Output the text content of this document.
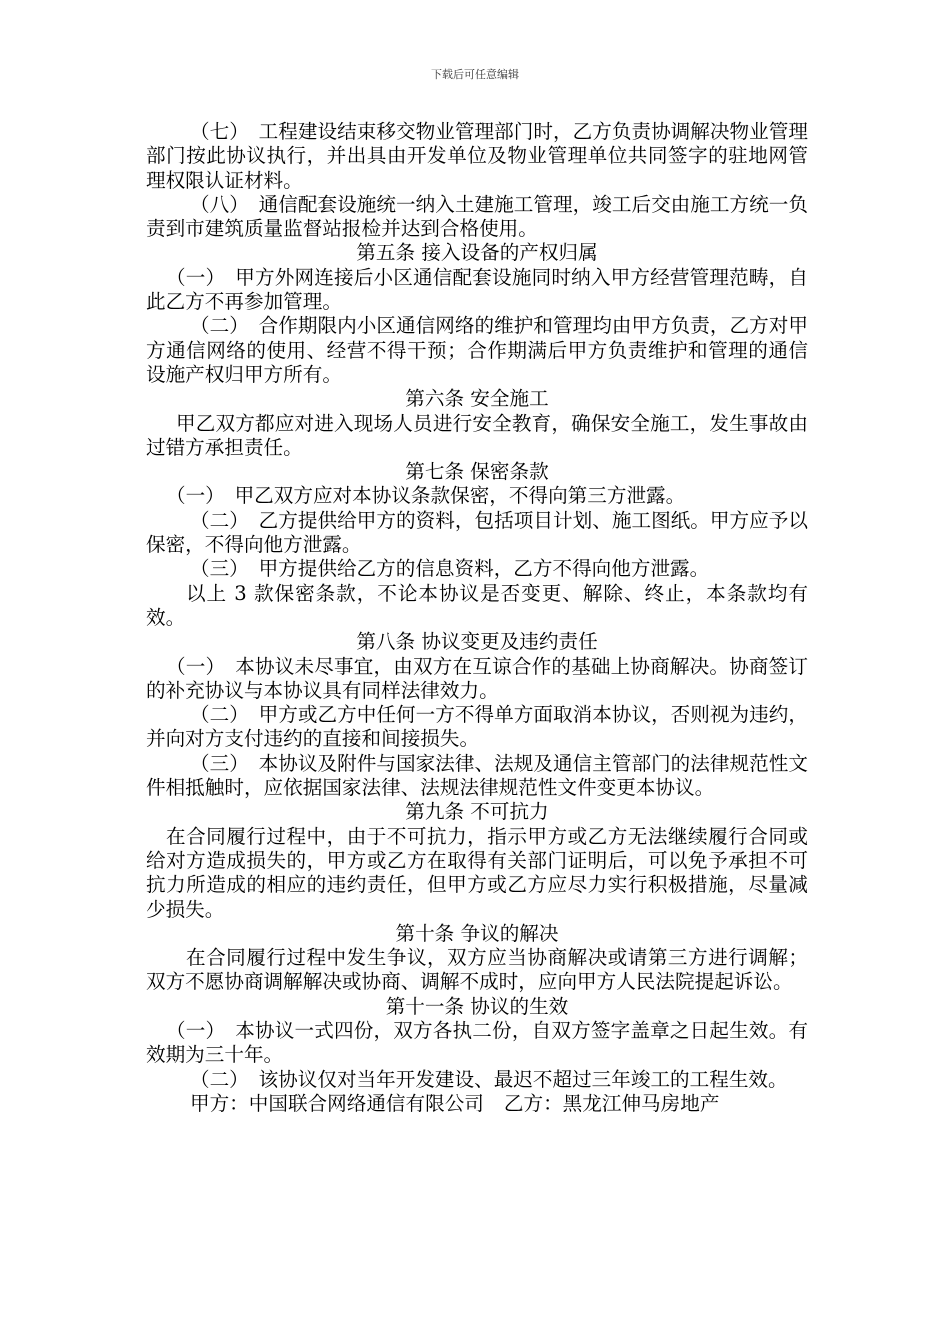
下载后可任意编辑

（七）　工程建设结束移交物业管理部门时，乙方负责协调解决物业管理部门按此协议执行，并出具由开发单位及物业管理单位共同签字的驻地网管理权限认证材料。

（八）　通信配套设施统一纳入土建施工管理，竣工后交由施工方统一负责到市建筑质量监督站报检并达到合格使用。

第五条 接入设备的产权归属

（一）　甲方外网连接后小区通信配套设施同时纳入甲方经营管理范畴，自此乙方不再参加管理。

（二）　合作期限内小区通信网络的维护和管理均由甲方负责，乙方对甲方通信网络的使用、经营不得干预；合作期满后甲方负责维护和管理的通信设施产权归甲方所有。

第六条 安全施工

甲乙双方都应对进入现场人员进行安全教育，确保安全施工，发生事故由过错方承担责任。

第七条 保密条款

（一）　甲乙双方应对本协议条款保密，不得向第三方泄露。

（二）　乙方提供给甲方的资料，包括项目计划、施工图纸。甲方应予以保密，不得向他方泄露。

（三）　甲方提供给乙方的信息资料，乙方不得向他方泄露。

以上 3 款保密条款，不论本协议是否变更、解除、终止，本条款均有效。

第八条 协议变更及违约责任

（一）　本协议未尽事宜，由双方在互谅合作的基础上协商解决。协商签订的补充协议与本协议具有同样法律效力。

（二）　甲方或乙方中任何一方不得单方面取消本协议，否则视为违约，并向对方支付违约的直接和间接损失。

（三）　本协议及附件与国家法律、法规及通信主管部门的法律规范性文件相抵触时，应依据国家法律、法规法律规范性文件变更本协议。

第九条 不可抗力

在合同履行过程中，由于不可抗力，指示甲方或乙方无法继续履行合同或给对方造成损失的，甲方或乙方在取得有关部门证明后，可以免予承担不可抗力所造成的相应的违约责任，但甲方或乙方应尽力实行积极措施，尽量减少损失。

第十条 争议的解决

在合同履行过程中发生争议，双方应当协商解决或请第三方进行调解；双方不愿协商调解解决或协商、调解不成时，应向甲方人民法院提起诉讼。

第十一条 协议的生效

（一）　本协议一式四份，双方各执二份，自双方签字盖章之日起生效。有效期为三十年。

（二）　该协议仅对当年开发建设、最迟不超过三年竣工的工程生效。

甲方：中国联合网络通信有限公司 乙方：黑龙江伸马房地产
